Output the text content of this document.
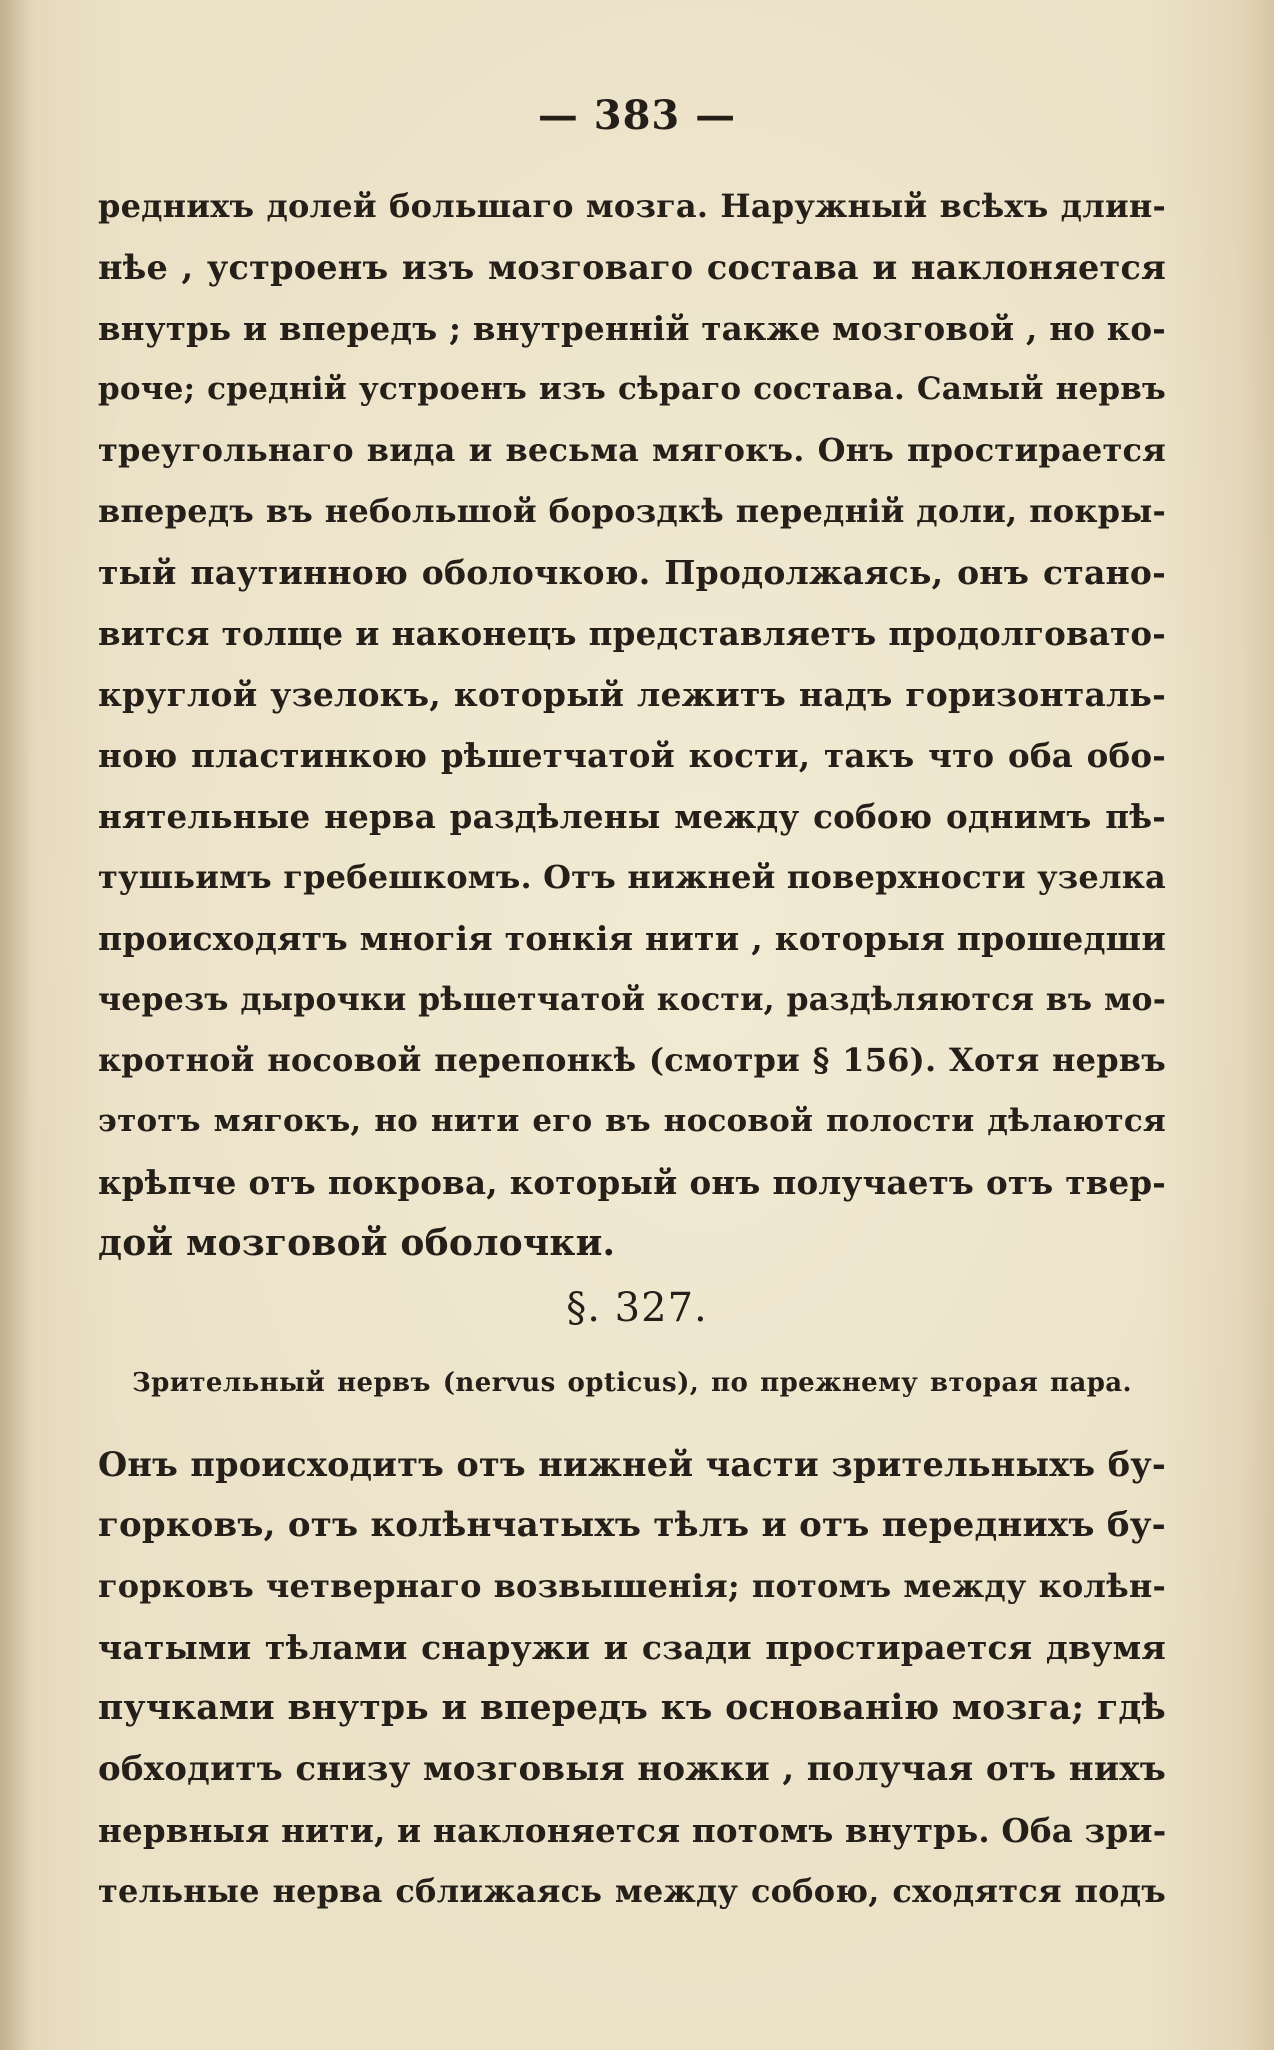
— 383 —
реднихъ долей большаго мозга. Наружный всѣхъ длин-
нѣе , устроенъ изъ мозговаго состава и наклоняется
внутрь и впередъ ; внутренній также мозговой , но ко-
роче; средній устроенъ изъ сѣраго состава. Самый нервъ
треугольнаго вида и весьма мягокъ. Онъ простирается
впередъ въ небольшой бороздкѣ передній доли, покры-
тый паутинною оболочкою. Продолжаясь, онъ стано-
вится толще и наконецъ представляетъ продолговато-
круглой узелокъ, который лежитъ надъ горизонталь-
ною пластинкою рѣшетчатой кости, такъ что оба обо-
нятельные нерва раздѣлены между собою однимъ пѣ-
тушьимъ гребешкомъ. Отъ нижней поверхности узелка
происходятъ многія тонкія нити , которыя прошедши
черезъ дырочки рѣшетчатой кости, раздѣляются въ мо-
кротной носовой перепонкѣ (смотри § 156). Хотя нервъ
этотъ мягокъ, но нити его въ носовой полости дѣлаются
крѣпче отъ покрова, который онъ получаетъ отъ твер-
дой мозговой оболочки.
§. 327.
Зрительный нервъ (nervus opticus), по прежнему вторая пара.
Онъ происходитъ отъ нижней части зрительныхъ бу-
горковъ, отъ колѣнчатыхъ тѣлъ и отъ переднихъ бу-
горковъ четвернаго возвышенія; потомъ между колѣн-
чатыми тѣлами снаружи и сзади простирается двумя
пучками внутрь и впередъ къ основанію мозга; гдѣ
обходитъ снизу мозговыя ножки , получая отъ нихъ
нервныя нити, и наклоняется потомъ внутрь. Оба зри-
тельные нерва сближаясь между собою, сходятся подъ
